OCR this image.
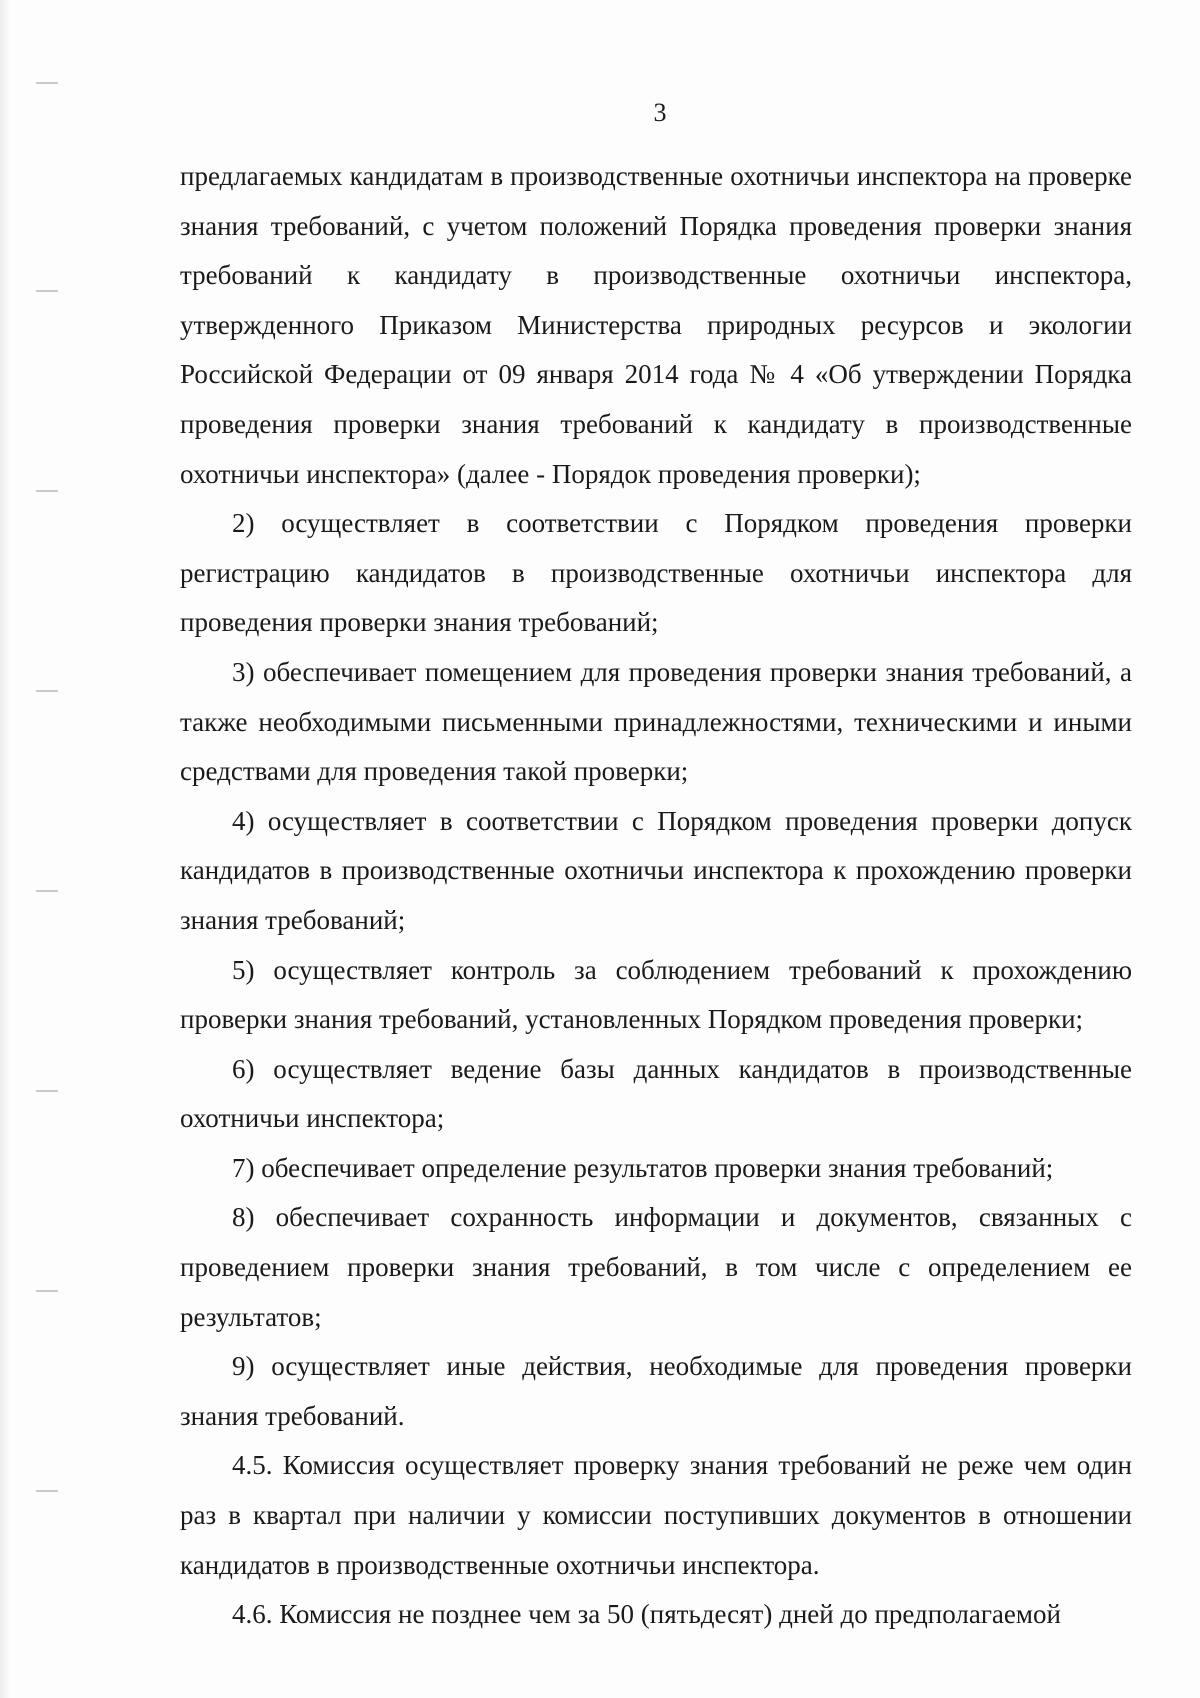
3

предлагаемых кандидатам в производственные охотничьи инспектора на проверке знания требований, с учетом положений Порядка проведения проверки знания требований к кандидату в производственные охотничьи инспектора, утвержденного Приказом Министерства природных ресурсов и экологии Российской Федерации от 09 января 2014 года № 4 «Об утверждении Порядка проведения проверки знания требований к кандидату в производственные охотничьи инспектора» (далее - Порядок проведения проверки);

2) осуществляет в соответствии с Порядком проведения проверки регистрацию кандидатов в производственные охотничьи инспектора для проведения проверки знания требований;

3) обеспечивает помещением для проведения проверки знания требований, а также необходимыми письменными принадлежностями, техническими и иными средствами для проведения такой проверки;

4) осуществляет в соответствии с Порядком проведения проверки допуск кандидатов в производственные охотничьи инспектора к прохождению проверки знания требований;

5) осуществляет контроль за соблюдением требований к прохождению проверки знания требований, установленных Порядком проведения проверки;

6) осуществляет ведение базы данных кандидатов в производственные охотничьи инспектора;

7) обеспечивает определение результатов проверки знания требований;

8) обеспечивает сохранность информации и документов, связанных с проведением проверки знания требований, в том числе с определением ее результатов;

9) осуществляет иные действия, необходимые для проведения проверки знания требований.

4.5. Комиссия осуществляет проверку знания требований не реже чем один раз в квартал при наличии у комиссии поступивших документов в отношении кандидатов в производственные охотничьи инспектора.

4.6. Комиссия не позднее чем за 50 (пятьдесят) дней до предполагаемой
